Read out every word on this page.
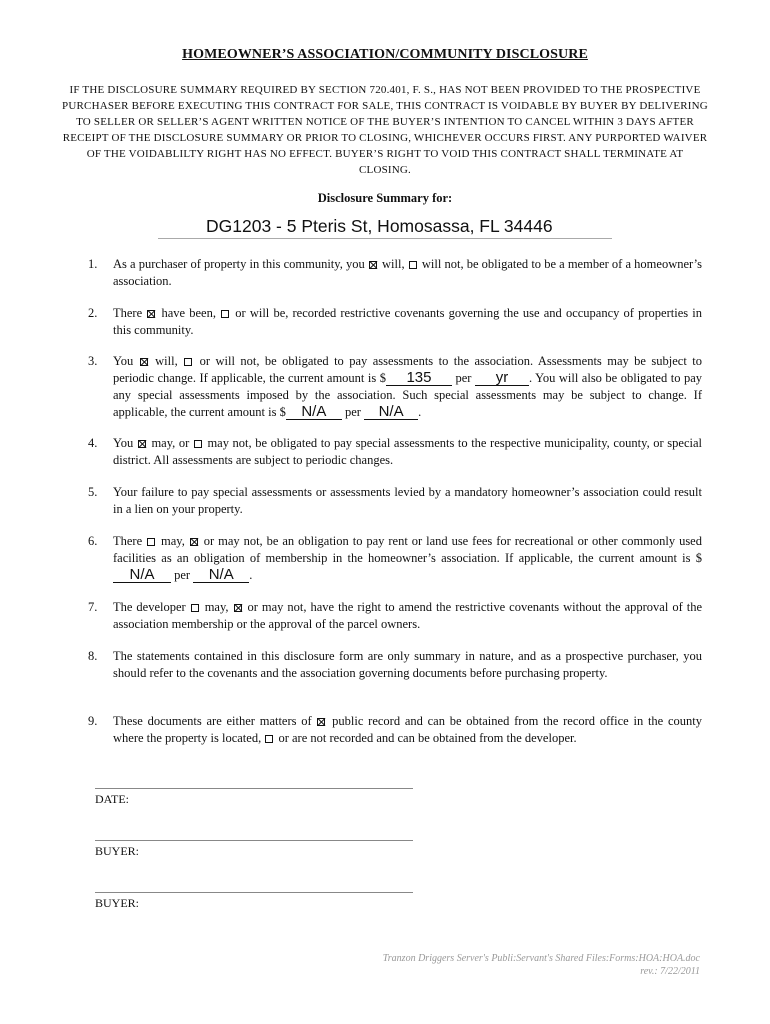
HOMEOWNER’S ASSOCIATION/COMMUNITY DISCLOSURE
IF THE DISCLOSURE SUMMARY REQUIRED BY SECTION 720.401, F. S., HAS NOT BEEN PROVIDED TO THE PROSPECTIVE PURCHASER BEFORE EXECUTING THIS CONTRACT FOR SALE, THIS CONTRACT IS VOIDABLE BY BUYER BY DELIVERING TO SELLER OR SELLER’S AGENT WRITTEN NOTICE OF THE BUYER’S INTENTION TO CANCEL WITHIN 3 DAYS AFTER RECEIPT OF THE DISCLOSURE SUMMARY OR PRIOR TO CLOSING, WHICHEVER OCCURS FIRST. ANY PURPORTED WAIVER OF THE VOIDABLILTY RIGHT HAS NO EFFECT. BUYER’S RIGHT TO VOID THIS CONTRACT SHALL TERMINATE AT CLOSING.
Disclosure Summary for:
DG1203 - 5 Pteris St, Homosassa, FL 34446
1.	As a purchaser of property in this community, you  will,  will not, be obligated to be a member of a homeowner’s association.
2.	There  have been,  or will be, recorded restrictive covenants governing the use and occupancy of properties in this community.
3.	You  will,  or will not, be obligated to pay assessments to the association. Assessments may be subject to periodic change. If applicable, the current amount is $ 135 per yr . You will also be obligated to pay any special assessments imposed by the association. Such special assessments may be subject to change. If applicable, the current amount is $ N/A per N/A .
4.	You  may, or  may not, be obligated to pay special assessments to the respective municipality, county, or special district. All assessments are subject to periodic changes.
5.	Your failure to pay special assessments or assessments levied by a mandatory homeowner’s association could result in a lien on your property.
6.	There  may,  or may not, be an obligation to pay rent or land use fees for recreational or other commonly used facilities as an obligation of membership in the homeowner’s association. If applicable, the current amount is $N/A per N/A .
7.	The developer  may,  or may not, have the right to amend the restrictive covenants without the approval of the association membership or the approval of the parcel owners.
8.	The statements contained in this disclosure form are only summary in nature, and as a prospective purchaser, you should refer to the covenants and the association governing documents before purchasing property.
9.	These documents are either matters of  public record and can be obtained from the record office in the county where the property is located,  or are not recorded and can be obtained from the developer.
DATE:
BUYER:
BUYER:
Tranzon Driggers Server's Publi:Servant's Shared Files:Forms:HOA:HOA.doc
rev.: 7/22/2011
